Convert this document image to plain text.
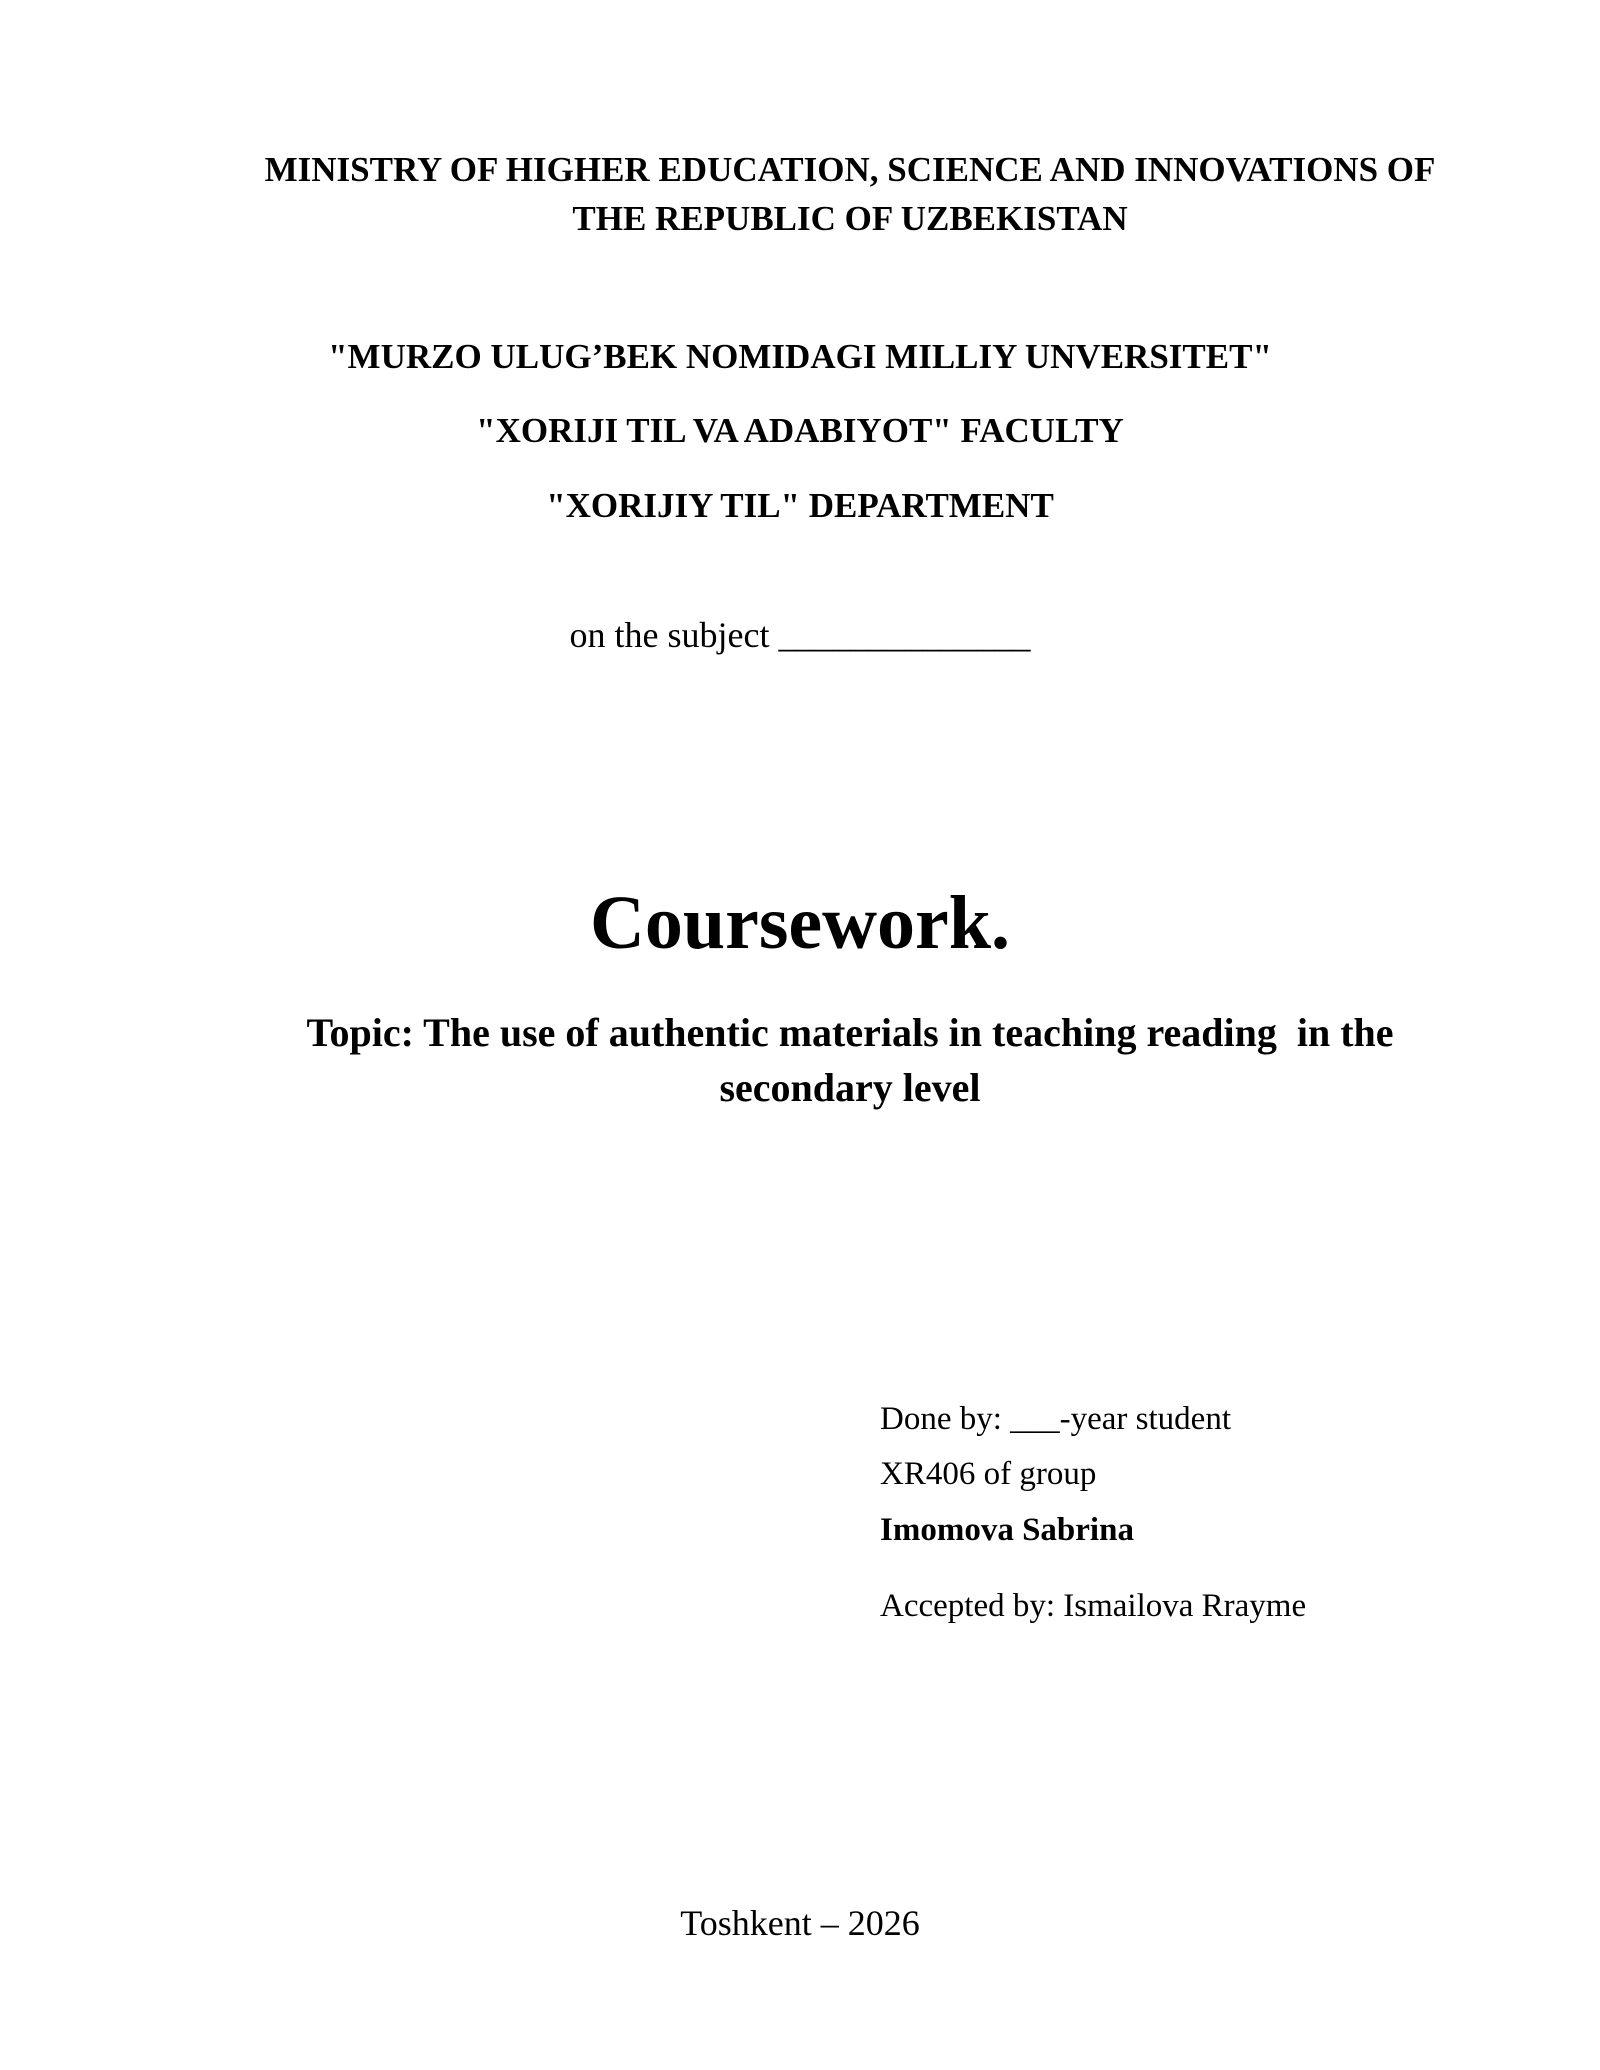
MINISTRY OF HIGHER EDUCATION, SCIENCE AND INNOVATIONS OF
THE REPUBLIC OF UZBEKISTAN
"MURZO ULUG’BEK NOMIDAGI MILLIY UNVERSITET"
"XORIJI TIL VA ADABIYOT" FACULTY
"XORIJIY TIL" DEPARTMENT
on the subject ______________
Coursework.
Topic: The use of authentic materials in teaching reading  in the
secondary level
Done by: ___-year student
XR406 of group
Imomova Sabrina
Accepted by: Ismailova Rrayme
Toshkent – 2026
